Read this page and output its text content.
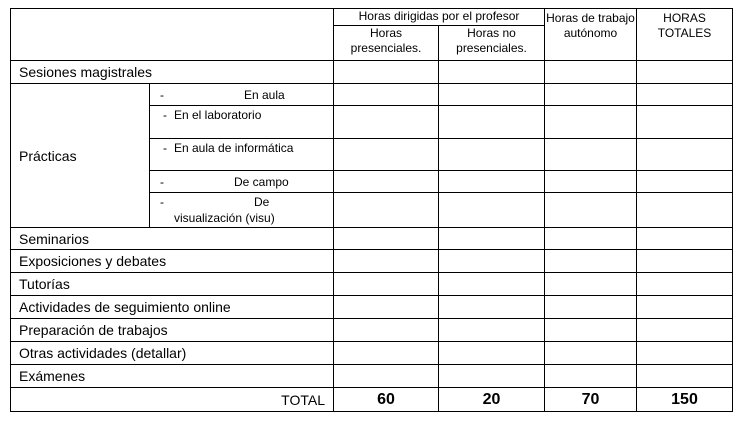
		Horas dirigidas por el profesor		Horas de trabajo autónomo	HORAS TOTALES
		Horas presenciales.	Horas no presenciales.		
Sesiones magistrales					
Prácticas	- En aula				
	- En el laboratorio				
	- En aula de informática				
	- De campo				

	- De
visualización (visu)				

Seminarios					
Exposiciones y debates					
Tutorías					
Actividades de seguimiento online					
Preparación de trabajos					
Otras actividades (detallar)					
Exámenes					
TOTAL		60	20	70	150
